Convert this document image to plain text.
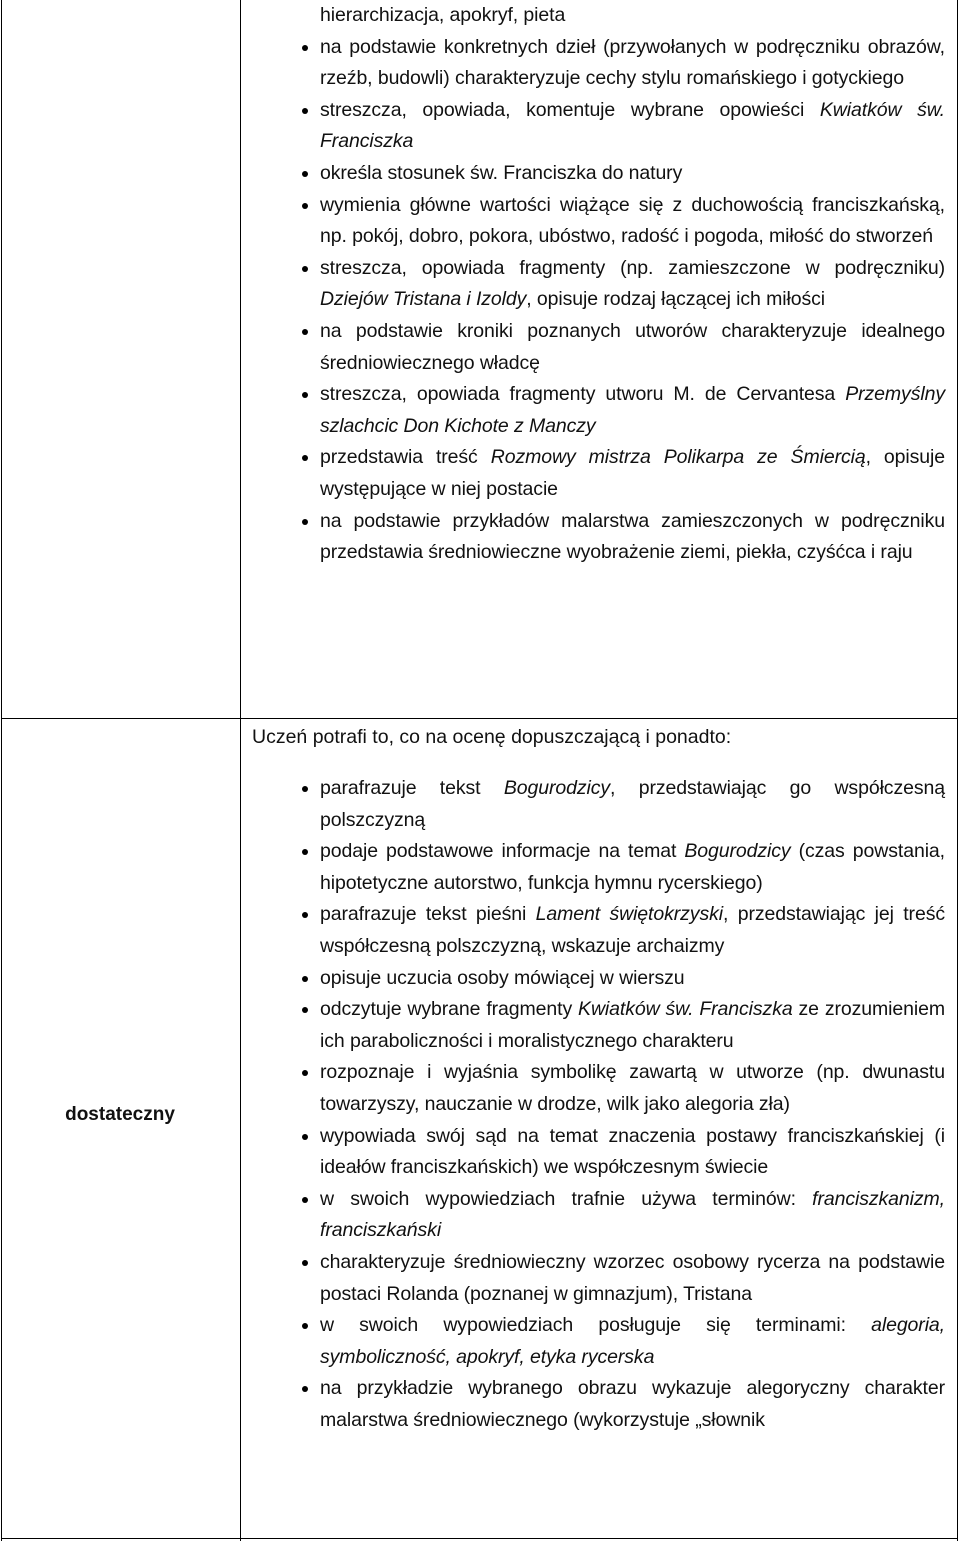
hierarchizacja, apokryf, pieta
na podstawie konkretnych dzieł (przywołanych w podręczniku obrazów, rzeźb, budowli) charakteryzuje cechy stylu romańskiego i gotyckiego
streszcza, opowiada, komentuje wybrane opowieści Kwiatków św. Franciszka
określa stosunek św. Franciszka do natury
wymienia główne wartości wiążące się z duchowością franciszkańską, np. pokój, dobro, pokora, ubóstwo, radość i pogoda, miłość do stworzeń
streszcza, opowiada fragmenty (np. zamieszczone w podręczniku) Dziejów Tristana i Izoldy, opisuje rodzaj łączącej ich miłości
na podstawie kroniki poznanych utworów charakteryzuje idealnego średniowiecznego władcę
streszcza, opowiada fragmenty utworu M. de Cervantesa Przemyślny szlachcic Don Kichote z Manczy
przedstawia treść Rozmowy mistrza Polikarpa ze Śmiercią, opisuje występujące w niej postacie
na podstawie przykładów malarstwa zamieszczonych w podręczniku przedstawia średniowieczne wyobrażenie ziemi, piekła, czyśćca i raju
dostateczny
Uczeń potrafi to, co na ocenę dopuszczającą i ponadto:
parafrazuje tekst Bogurodzicy, przedstawiając go współczesną polszczyzną
podaje podstawowe informacje na temat Bogurodzicy (czas powstania, hipotetyczne autorstwo, funkcja hymnu rycerskiego)
parafrazuje tekst pieśni Lament świętokrzyski, przedstawiając jej treść współczesną polszczyzną, wskazuje archaizmy
opisuje uczucia osoby mówiącej w wierszu
odczytuje wybrane fragmenty Kwiatków św. Franciszka ze zrozumieniem ich paraboliczności i moralistycznego charakteru
rozpoznaje i wyjaśnia symbolikę zawartą w utworze (np. dwunastu towarzyszy, nauczanie w drodze, wilk jako alegoria zła)
wypowiada swój sąd na temat znaczenia postawy franciszkańskiej (i ideałów franciszkańskich) we współczesnym świecie
w swoich wypowiedziach trafnie używa terminów: franciszkanizm, franciszkański
charakteryzuje średniowieczny wzorzec osobowy rycerza na podstawie postaci Rolanda (poznanej w gimnazjum), Tristana
w swoich wypowiedziach posługuje się terminami: alegoria, symboliczność, apokryf, etyka rycerska
na przykładzie wybranego obrazu wykazuje alegoryczny charakter malarstwa średniowiecznego (wykorzystuje „słownik
